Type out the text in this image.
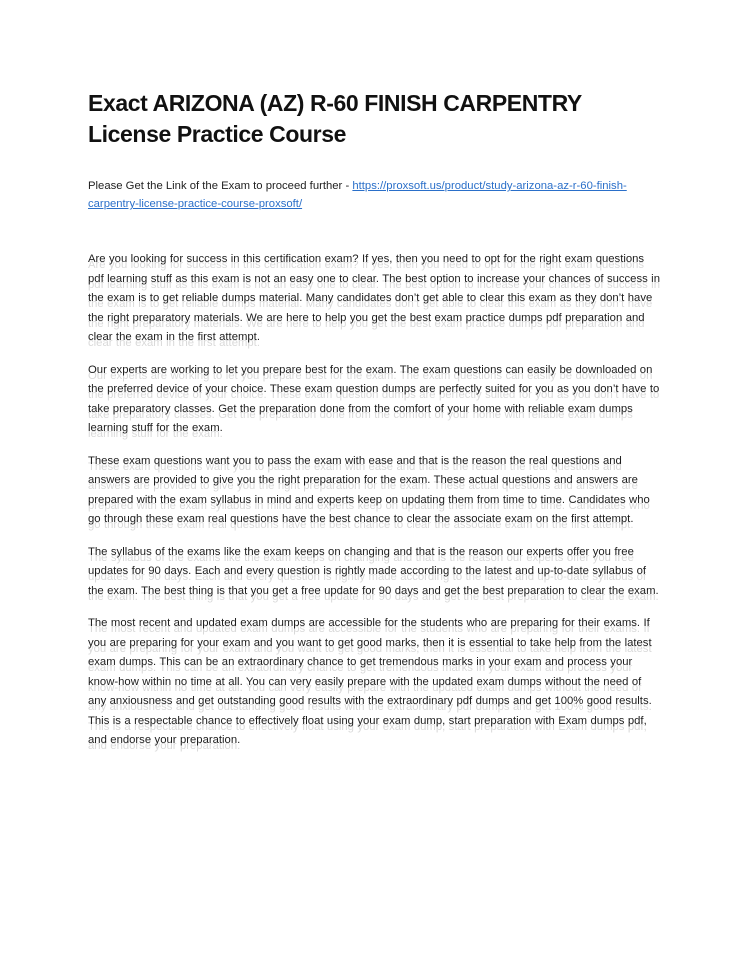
Exact ARIZONA (AZ) R-60 FINISH CARPENTRY License Practice Course

Please Get the Link of the Exam to proceed further - https://proxsoft.us/product/study-arizona-az-r-60-finish-carpentry-license-practice-course-proxsoft/

Are you looking for success in this certification exam? If yes, then you need to opt for the right exam questions pdf learning stuff as this exam is not an easy one to clear. The best option to increase your chances of success in the exam is to get reliable dumps material. Many candidates don’t get able to clear this exam as they don’t have the right preparatory materials. We are here to help you get the best exam practice dumps pdf preparation and clear the exam in the first attempt.

Our experts are working to let you prepare best for the exam. The exam questions can easily be downloaded on the preferred device of your choice. These exam question dumps are perfectly suited for you as you don’t have to take preparatory classes. Get the preparation done from the comfort of your home with reliable exam dumps learning stuff for the exam.

These exam questions want you to pass the exam with ease and that is the reason the real questions and answers are provided to give you the right preparation for the exam. These actual questions and answers are prepared with the exam syllabus in mind and experts keep on updating them from time to time. Candidates who go through these exam real questions have the best chance to clear the associate exam on the first attempt.

The syllabus of the exams like the exam keeps on changing and that is the reason our experts offer you free updates for 90 days. Each and every question is rightly made according to the latest and up-to-date syllabus of the exam. The best thing is that you get a free update for 90 days and get the best preparation to clear the exam.

The most recent and updated exam dumps are accessible for the students who are preparing for their exams. If you are preparing for your exam and you want to get good marks, then it is essential to take help from the latest exam dumps. This can be an extraordinary chance to get tremendous marks in your exam and process your know-how within no time at all. You can very easily prepare with the updated exam dumps without the need of any anxiousness and get outstanding good results with the extraordinary pdf dumps and get 100% good results. This is a respectable chance to effectively float using your exam dump, start preparation with Exam dumps pdf, and endorse your preparation.
